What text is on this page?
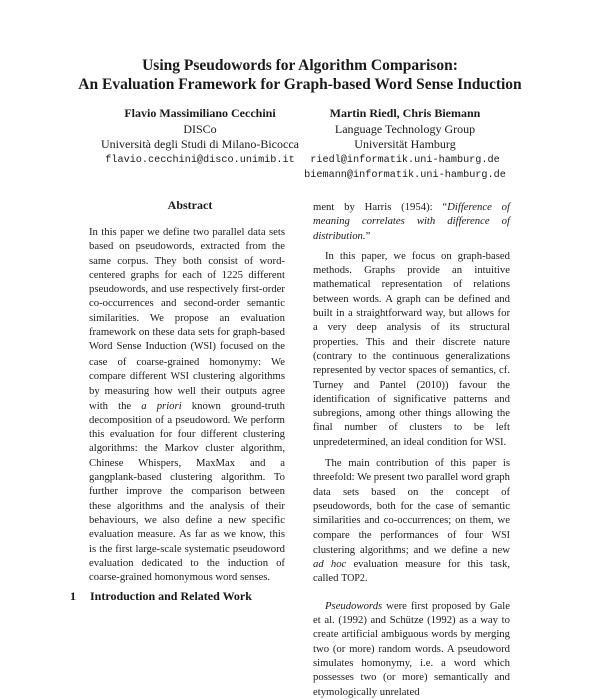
Using Pseudowords for Algorithm Comparison:
An Evaluation Framework for Graph-based Word Sense Induction
Flavio Massimiliano Cecchini
DISCo
Università degli Studi di Milano-Bicocca
flavio.cecchini@disco.unimib.it
Martin Riedl, Chris Biemann
Language Technology Group
Universität Hamburg
riedl@informatik.uni-hamburg.de
biemann@informatik.uni-hamburg.de
Abstract

In this paper we define two parallel data sets based on pseudowords, extracted from the same corpus. They both consist of word-centered graphs for each of 1225 different pseudowords, and use respectively first-order co-occurrences and second-order semantic similarities. We propose an evaluation framework on these data sets for graph-based Word Sense Induction (WSI) focused on the case of coarse-grained homonymy: We compare different WSI clustering algorithms by measuring how well their outputs agree with the a priori known ground-truth decomposition of a pseudoword. We perform this evaluation for four different clustering algorithms: the Markov cluster algorithm, Chinese Whispers, MaxMax and a gangplank-based clustering algorithm. To further improve the comparison between these algorithms and the analysis of their behaviours, we also define a new specific evaluation measure. As far as we know, this is the first large-scale systematic pseudoword evaluation dedicated to the induction of coarse-grained homonymous word senses.

1 Introduction and Related Work

ment by Harris (1954): “Difference of meaning correlates with difference of distribution.”

In this paper, we focus on graph-based methods. Graphs provide an intuitive mathematical representation of relations between words. A graph can be defined and built in a straightforward way, but allows for a very deep analysis of its structural properties. This and their discrete nature (contrary to the continuous generalizations represented by vector spaces of semantics, cf. Turney and Pantel (2010)) favour the identification of significative patterns and subregions, among other things allowing the final number of clusters to be left unpredetermined, an ideal condition for WSI.

The main contribution of this paper is threefold: We present two parallel word graph data sets based on the concept of pseudowords, both for the case of semantic similarities and co-occurrences; on them, we compare the performances of four WSI clustering algorithms; and we define a new ad hoc evaluation measure for this task, called TOP2.

Pseudowords were first proposed by Gale et al. (1992) and Schütze (1992) as a way to create artificial ambiguous words by merging two (or more) random words. A pseudoword simulates homonymy, i.e. a word which possesses two (or more) semantically and etymologically unrelated
